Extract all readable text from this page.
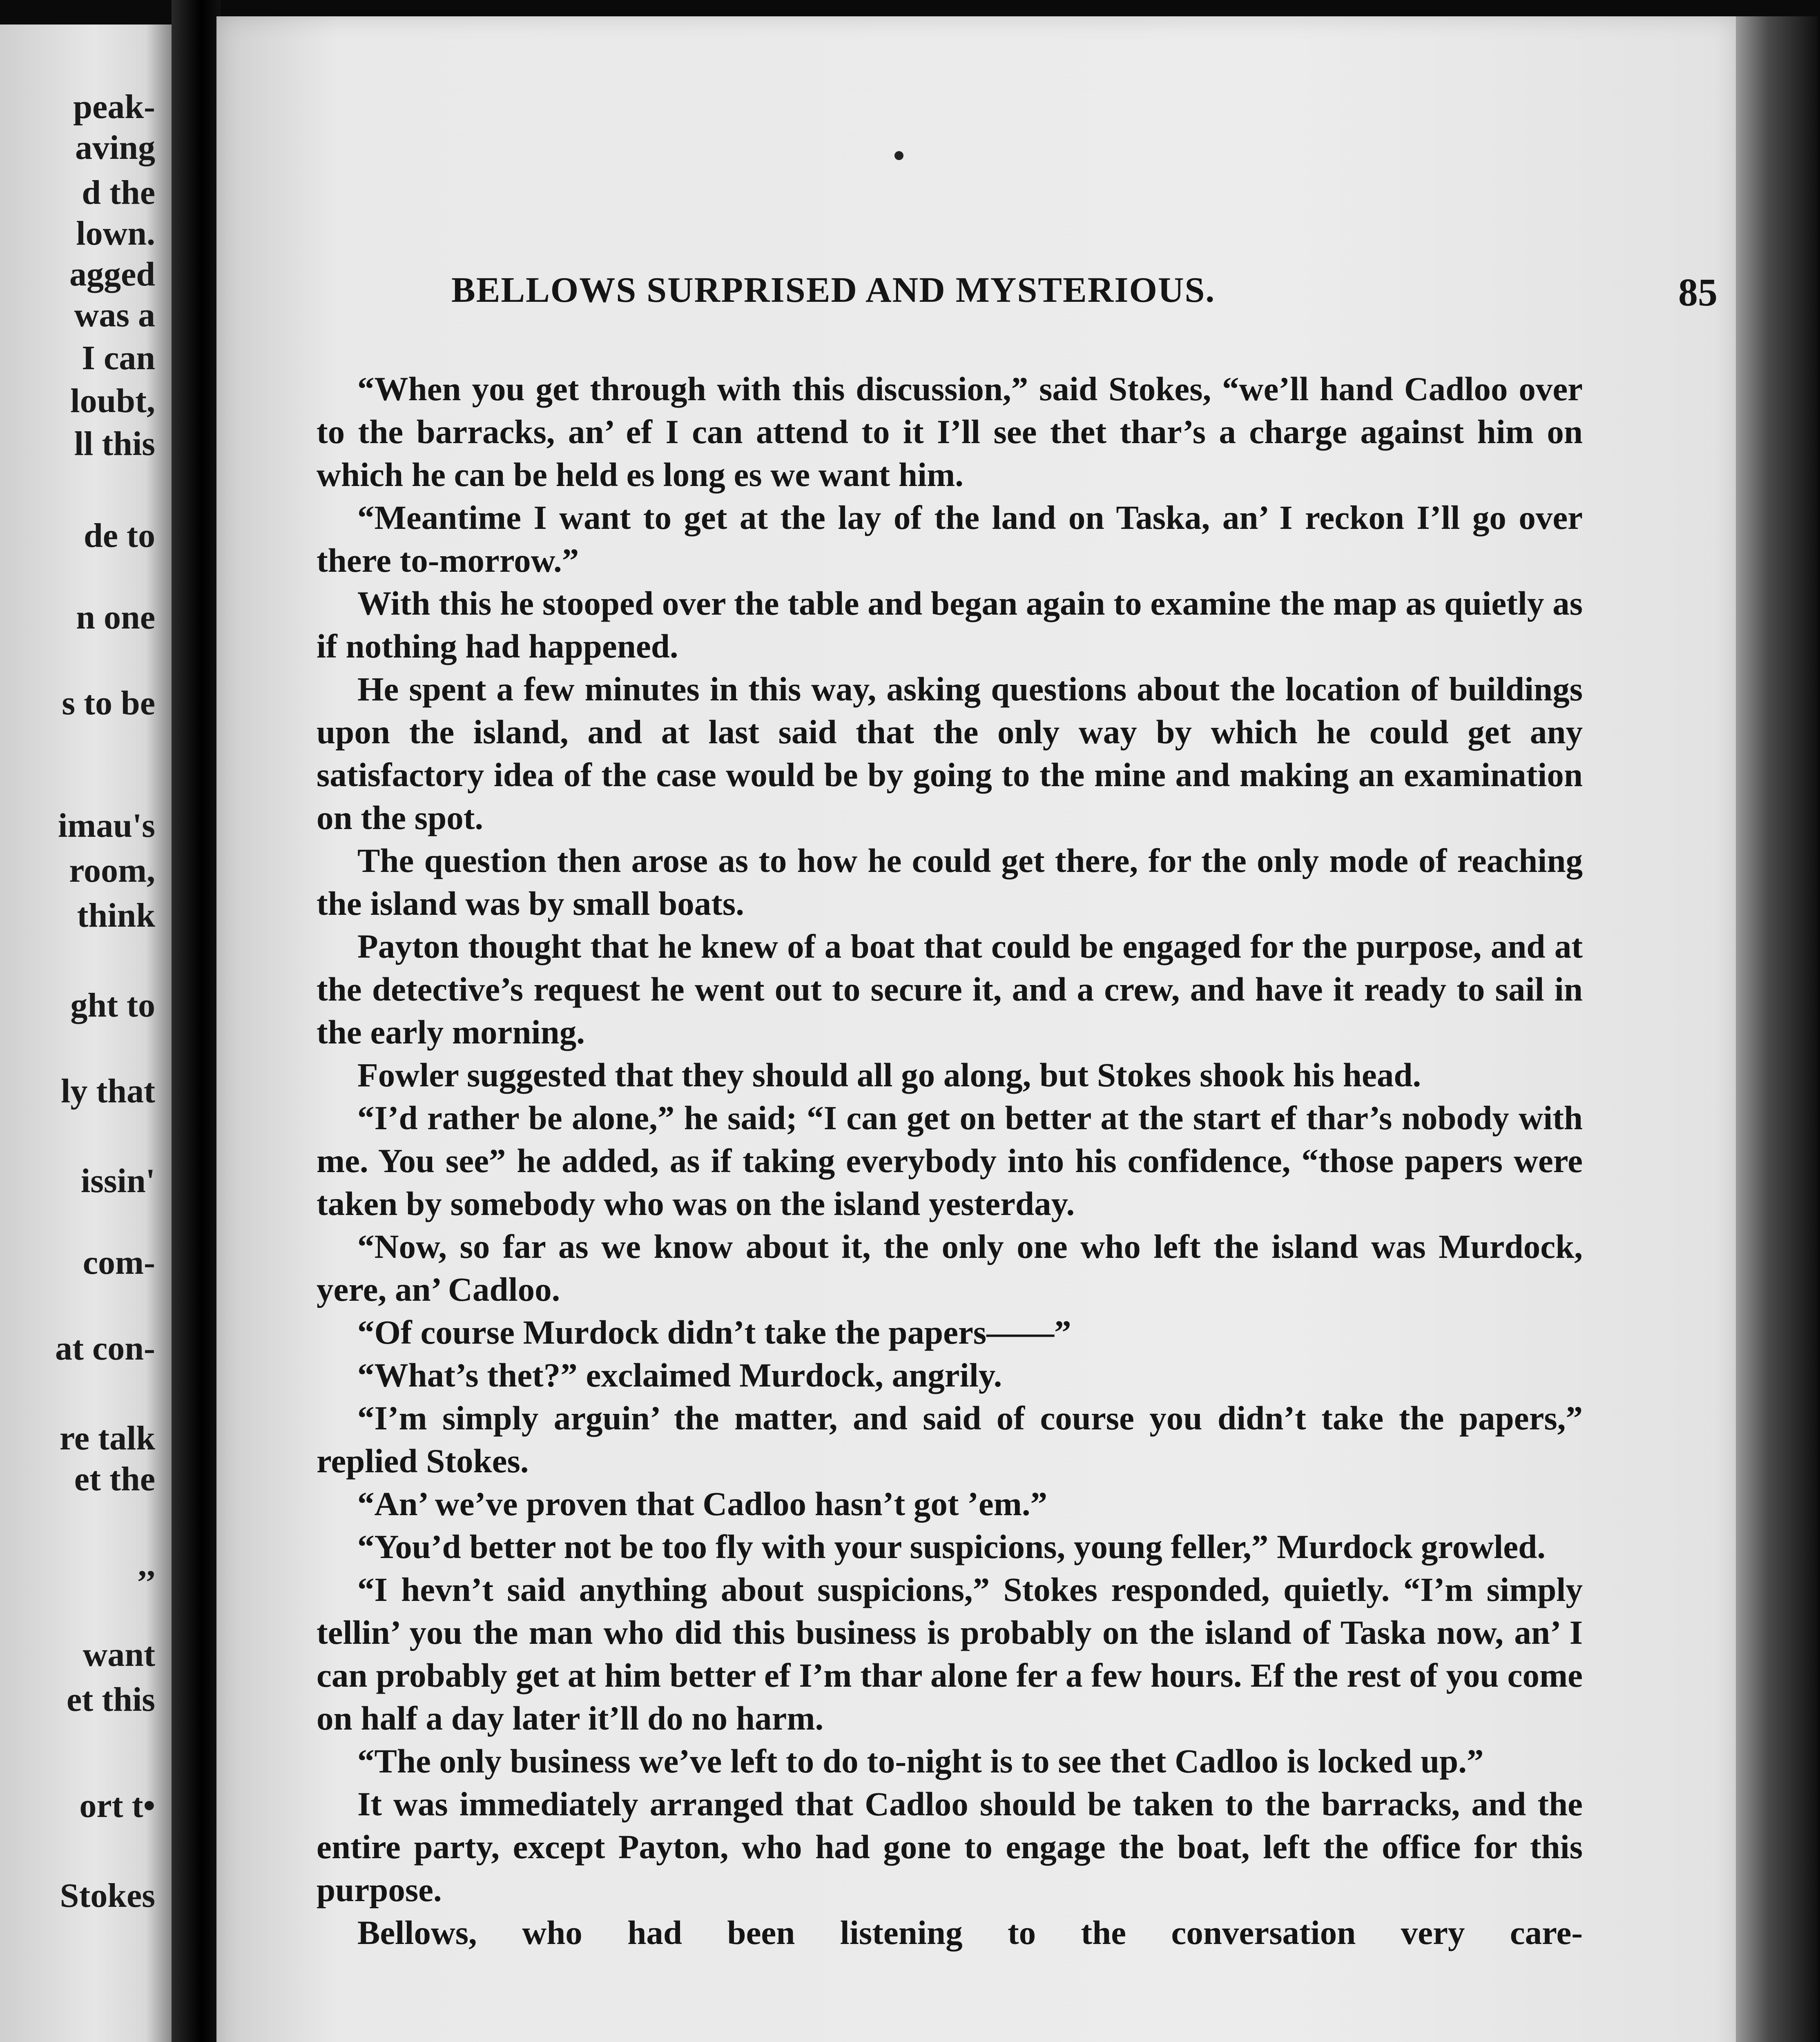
peak-
aving
d the
lown.
agged
was a
I can
loubt,
ll this
de to
n one
s to be
imau's
room,
think
ght to
ly that
issin'
com-
at con-
re talk
et the
,,
want
et this
ort t•
Stokes
BELLOWS SURPRISED AND MYSTERIOUS.	85

“When you get through with this discussion,” said Stokes, “we’ll hand Cadloo over to the barracks, an’ ef I can attend to it I’ll see thet thar’s a charge against him on which he can be held es long es we want him.

“Meantime I want to get at the lay of the land on Taska, an’ I reckon I’ll go over there to-morrow.”

With this he stooped over the table and began again to examine the map as quietly as if nothing had happened.

He spent a few minutes in this way, asking questions about the location of buildings upon the island, and at last said that the only way by which he could get any satisfactory idea of the case would be by going to the mine and making an examination on the spot.

The question then arose as to how he could get there, for the only mode of reaching the island was by small boats.

Payton thought that he knew of a boat that could be engaged for the purpose, and at the detective’s request he went out to secure it, and a crew, and have it ready to sail in the early morning.

Fowler suggested that they should all go along, but Stokes shook his head.

“I’d rather be alone,” he said; “I can get on better at the start ef thar’s nobody with me. You see” he added, as if taking everybody into his confidence, “those papers were taken by somebody who was on the island yesterday.

“Now, so far as we know about it, the only one who left the island was Murdock, yere, an’ Cadloo.

“Of course Murdock didn’t take the papers——”

“What’s thet?” exclaimed Murdock, angrily.

“I’m simply arguin’ the matter, and said of course you didn’t take the papers,” replied Stokes.

“An’ we’ve proven that Cadloo hasn’t got ’em.”

“You’d better not be too fly with your suspicions, young feller,” Murdock growled.

“I hevn’t said anything about suspicions,” Stokes responded, quietly. “I’m simply tellin’ you the man who did this business is probably on the island of Taska now, an’ I can probably get at him better ef I’m thar alone fer a few hours. Ef the rest of you come on half a day later it’ll do no harm.

“The only business we’ve left to do to-night is to see thet Cadloo is locked up.”

It was immediately arranged that Cadloo should be taken to the barracks, and the entire party, except Payton, who had gone to engage the boat, left the office for this purpose.

Bellows, who had been listening to the conversation very care-
